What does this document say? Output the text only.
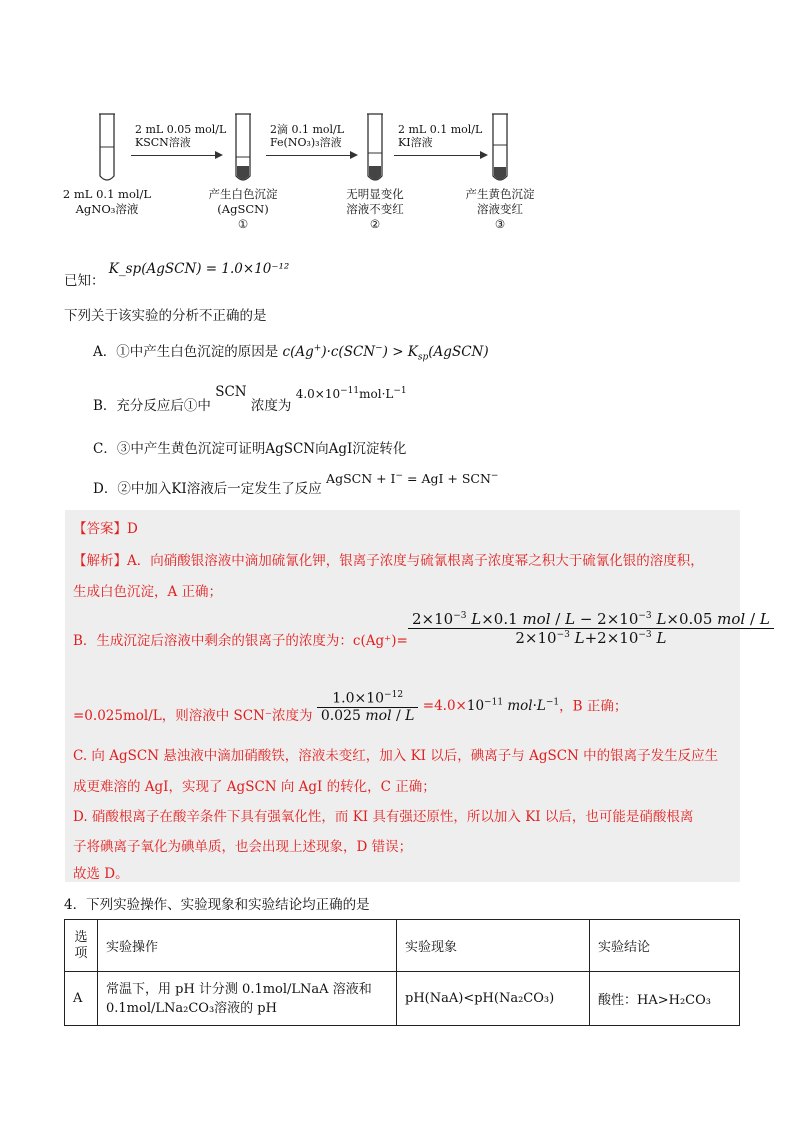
2 mL 0.1 mol/L
AgNO₃溶液
2 mL 0.05 mol/L
KSCN溶液
产生白色沉淀
(AgSCN)
①
2滴 0.1 mol/L
Fe(NO₃)₃溶液
无明显变化
溶液不变红
②
2 mL 0.1 mol/L
KI溶液
产生黄色沉淀
溶液变红
③
已知： K_sp(AgSCN) = 1.0×10⁻¹²
下列关于该实验的分析不正确的是
A．①中产生白色沉淀的原因是 $c(Ag^+)\cdot c(SCN^-) > K_{sp}(AgSCN)$
B．充分反应后①中 SCN 浓度为 $4.0\times 10^{-11}mol\cdot L^{-1}$
C．③中产生黄色沉淀可证明AgSCN向AgI沉淀转化
D．②中加入KI溶液后一定发生了反应 AgSCN + I− = AgI + SCN−
【答案】D
【解析】A．向硝酸银溶液中滴加硫氰化钾，银离子浓度与硫氰根离子浓度幂之积大于硫氰化银的溶度积，
生成白色沉淀，A 正确；
B．生成沉淀后溶液中剩余的银离子的浓度为：$c(Ag^+)= \frac{2\times 10^{-3} L\times 0.1 mol / L - 2\times 10^{-3} L\times 0.05 mol / L}{2\times 10^{-3} L+2\times 10^{-3} L}$
=0.025mol/L，则溶液中 SCN⁻浓度为 $\frac{1.0\times 10^{-12}}{\text{0.025 mol / L}} =4.0\times 10^{-11}$ $mol\cdot L^{-1}$，B 正确；
C. 向 AgSCN 悬浊液中滴加硝酸铁，溶液未变红，加入 KI 以后，碘离子与 AgSCN 中的银离子发生反应生
成更难溶的 AgI，实现了 AgSCN 向 AgI 的转化，C 正确；
D. 硝酸根离子在酸辛条件下具有强氧化性，而 KI 具有强还原性，所以加入 KI 以后，也可能是硝酸根离
子将碘离子氧化为碘单质，也会出现上述现象，D 错误；
故选 D。
4．下列实验操作、实验现象和实验结论均正确的是
选项	实验操作	实验现象	实验结论
A	常温下，用 pH 计分测 0.1mol/LNaA 溶液和
0.1mol/LNa₂CO₃溶液的 pH	pH(NaA)<pH(Na₂CO₃)	酸性：HA>H₂CO₃
